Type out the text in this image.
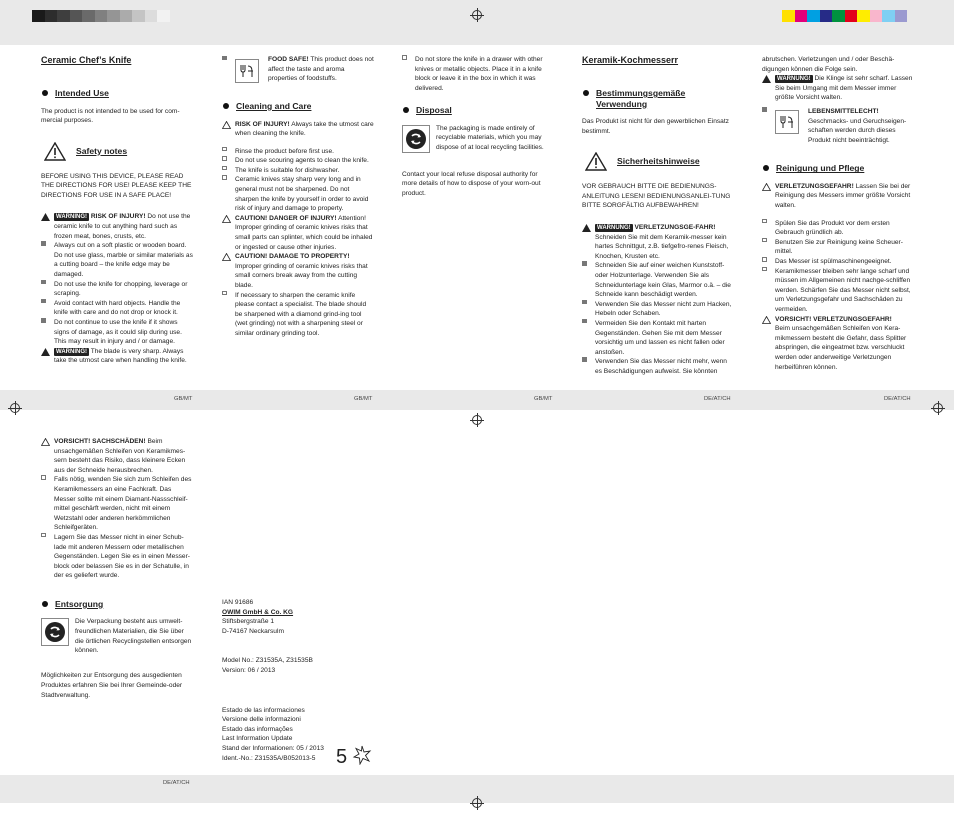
GB/MT	GB/MT	GB/MT	DE/AT/CH	DE/AT/CH
DE/AT/CH
Ceramic Chef’s Knife
Intended Use

The product is not intended to be used for com-mercial purposes.

Safety notes

BEFORE USING THIS DEVICE, PLEASE READ THE DIRECTIONS FOR USE! PLEASE KEEP THE DIRECTIONS FOR USE IN A SAFE PLACE!

WARNING! RISK OF INJURY! Do not use the ceramic knife to cut anything hard such as frozen meat, bones, crusts, etc.
Always cut on a soft plastic or wooden board. Do not use glass, marble or similar materials as a cutting board – the knife edge may be damaged.
Do not use the knife for chopping, leverage or scraping.
Avoid contact with hard objects. Handle the knife with care and do not drop or knock it.
Do not continue to use the knife if it shows signs of damage, as it could slip during use. This may result in injury and / or damage.
WARNING! The blade is very sharp. Always take the utmost care when handling the knife.
FOOD SAFE! This product does not affect the taste and aroma properties of foodstuffs.
Cleaning and Care
RISK OF INJURY! Always take the utmost care when cleaning the knife.
Rinse the product before first use.
Do not use scouring agents to clean the knife.
The knife is suitable for dishwasher.
Ceramic knives stay sharp very long and in general must not be sharpened. Do not sharpen the knife by yourself in order to avoid risk of injury and damage to property.
CAUTION! DANGER OF INJURY! Attention! Improper grinding of ceramic knives risks that small parts can splinter, which could be inhaled or ingested or cause other injuries.
CAUTION! DAMAGE TO PROPERTY!
Improper grinding of ceramic knives risks that small corners break away from the cutting blade.
If necessary to sharpen the ceramic knife please contact a specialist. The blade should be sharpened with a diamond grind-ing tool (wet grinding) not with a sharpening steel or similar ordinary grinding tool.
Do not store the knife in a drawer with other knives or metallic objects. Place it in a knife block or leave it in the box in which it was delivered.
Disposal
The packaging is made entirely of recyclable materials, which you may dispose of at local recycling facilities.

Contact your local refuse disposal authority for more details of how to dispose of your worn-out product.

Keramik-Kochmesserr
Bestimmungsgemäße Verwendung

Das Produkt ist nicht für den gewerblichen Einsatz bestimmt.

Sicherheitshinweise

VOR GEBRAUCH BITTE DIE BEDIENUNGS-ANLEITUNG LESEN! BEDIENUNGSANLEI-TUNG BITTE SORGFÄLTIG AUFBEWAHREN!

WARNUNG! VERLETZUNGSGE-FAHR! Schneiden Sie mit dem Keramik-messer kein hartes Schnittgut, z.B. tiefgefro-renes Fleisch, Knochen, Krusten etc.
Schneiden Sie auf einer weichen Kunststoff-oder Holzunterlage. Verwenden Sie als Schneidunterlage kein Glas, Marmor o.ä. – die Schneide kann beschädigt werden.
Verwenden Sie das Messer nicht zum Hacken, Hebeln oder Schaben.
Vermeiden Sie den Kontakt mit harten Gegenständen. Gehen Sie mit dem Messer vorsichtig um und lassen es nicht fallen oder anstoßen.
Verwenden Sie das Messer nicht mehr, wenn es Beschädigungen aufweist. Sie könnten

abrutschen. Verletzungen und / oder Beschä-digungen können die Folge sein.

WARNUNG! Die Klinge ist sehr scharf. Lassen Sie beim Umgang mit dem Messer immer größte Vorsicht walten.
LEBENSMITTELECHT!
Geschmacks- und Geruchseigen-schaften werden durch dieses Produkt nicht beeinträchtigt.
Reinigung und Pflege
VERLETZUNGSGEFAHR! Lassen Sie bei der Reinigung des Messers immer größte Vorsicht walten.
Spülen Sie das Produkt vor dem ersten Gebrauch gründlich ab.
Benutzen Sie zur Reinigung keine Scheuer-mittel.
Das Messer ist spülmaschinengeeignet.
Keramikmesser bleiben sehr lange scharf und müssen im Allgemeinen nicht nachge-schliffen werden. Schärfen Sie das Messer nicht selbst, um Verletzungsgefahr und Sachschäden zu vermeiden.
VORSICHT! VERLETZUNGSGEFAHR!
Beim unsachgemäßen Schleifen von Kera-mikmessern besteht die Gefahr, dass Splitter abspringen, die eingeatmet bzw. verschluckt werden oder anderweitige Verletzungen herbeiführen können.
VORSICHT! SACHSCHÄDEN! Beim unsachgemäßen Schleifen von Keramikmes-sern besteht das Risiko, dass kleinere Ecken aus der Schneide herausbrechen.
Falls nötig, wenden Sie sich zum Schleifen des Keramikmessers an eine Fachkraft. Das Messer sollte mit einem Diamant-Nassschleif-mittel geschärft werden, nicht mit einem Wetzstahl oder anderen herkömmlichen Schleifgeräten.
Lagern Sie das Messer nicht in einer Schub-lade mit anderen Messern oder metallischen Gegenständen. Legen Sie es in einen Messer-block oder belassen Sie es in der Schatulle, in der es geliefert wurde.
Entsorgung
Die Verpackung besteht aus umwelt-freundlichen Materialien, die Sie über die örtlichen Recyclingstellen entsorgen können.

Möglichkeiten zur Entsorgung des ausgedienten Produktes erfahren Sie bei Ihrer Gemeinde-oder Stadtverwaltung.

IAN 91686
OWIM GmbH & Co. KG
Stiftsbergstraße 1
D-74167 Neckarsulm
Model No.: Z31535A, Z31535B
Version: 06 / 2013
Estado de las informaciones
Versione delle informazioni
Estado das informações
Last Information Update
Stand der Informationen: 05 / 2013
Ident.-No.: Z31535A/B052013-5	5
